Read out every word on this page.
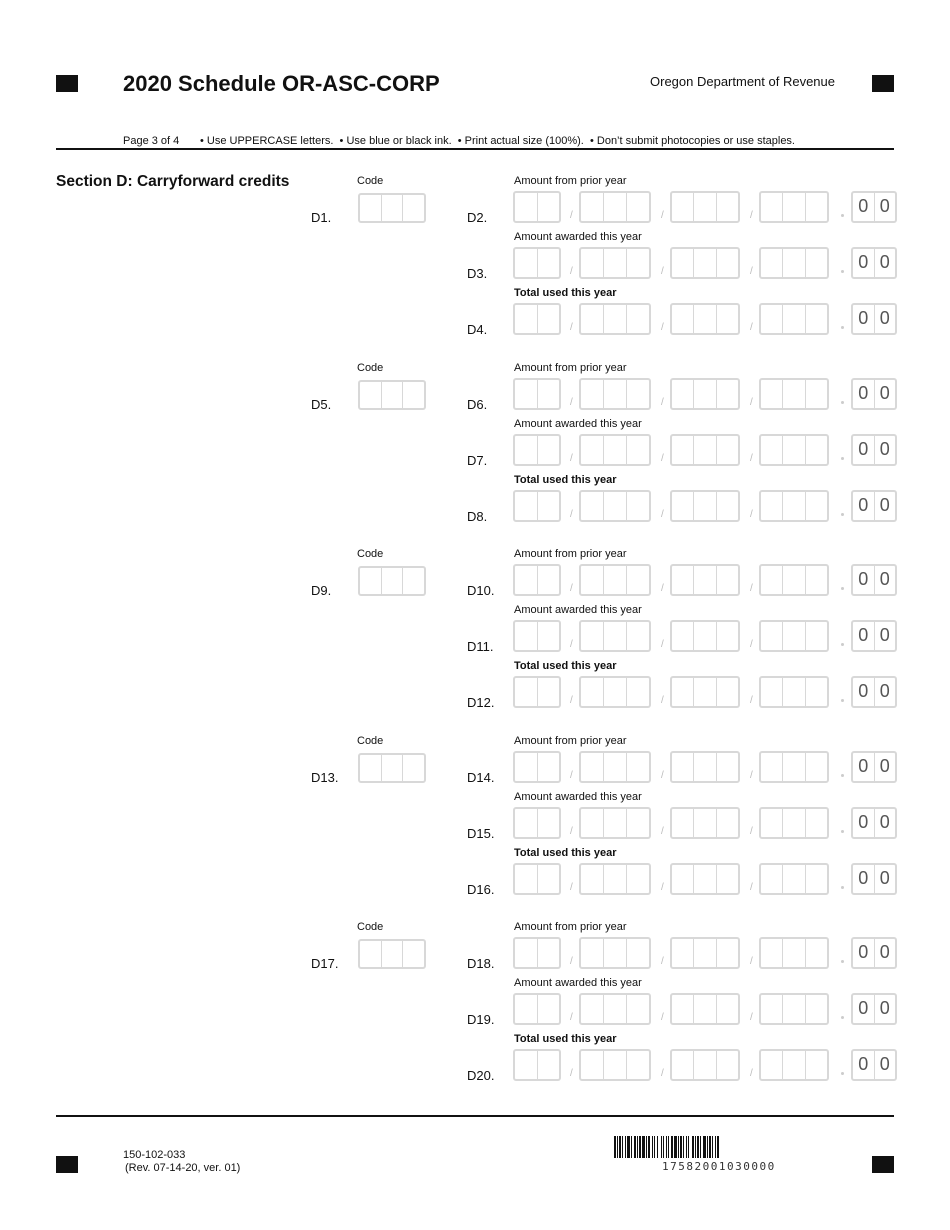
2020 Schedule OR-ASC-CORP	Oregon Department of Revenue
Page 3 of 4 • Use UPPERCASE letters.  • Use blue or black ink.  • Print actual size (100%).  • Don’t submit photocopies or use staples.
Section D: Carryforward credits	Code
D1.
Amount from prior year
D2.	/	/	/	0 0
Amount awarded this year
D3.	/	/	/	0 0
Total used this year
D4.	/	/	/	0 0
Code
D5.
Amount from prior year
D6.	/	/	/	0 0
Amount awarded this year
D7.	/	/	/	0 0
Total used this year
D8.	/	/	/	0 0
Code
D9.
Amount from prior year
D10.	/	/	/	0 0
Amount awarded this year
D11.	/	/	/	0 0
Total used this year
D12.	/	/	/	0 0
Code
D13.
Amount from prior year
D14.	/	/	/	0 0
Amount awarded this year
D15.	/	/	/	0 0
Total used this year
D16.	/	/	/	0 0
Code
D17.
Amount from prior year
D18.	/	/	/	0 0
Amount awarded this year
D19.	/	/	/	0 0
Total used this year
D20.	/	/	/	0 0
150-102-033
(Rev. 07-14-20, ver. 01)	17582001030000
